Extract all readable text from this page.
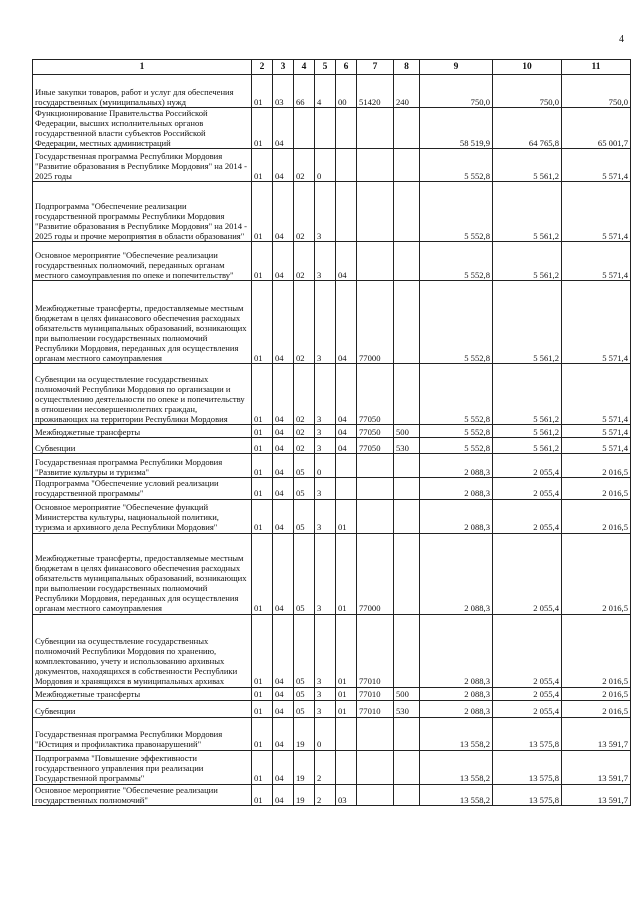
4
1	2	3	4	5	6	7	8	9	10	11
Иные закупки товаров, работ и услуг для обеспечения государственных (муниципальных) нужд	01	03	66	4	00	51420	240	750,0	750,0	750,0
Функционирование Правительства Российской Федерации, высших исполнительных органов государственной власти субъектов Российской Федерации, местных администраций	01	04						58 519,9	64 765,8	65 001,7
Государственная программа Республики Мордовия "Развитие образования в Республике Мордовия" на 2014 - 2025 годы	01	04	02	0				5 552,8	5 561,2	5 571,4
Подпрограмма "Обеспечение реализации государственной программы Республики Мордовия "Развитие образования в Республике Мордовия" на 2014 - 2025 годы и прочие мероприятия в области образования"	01	04	02	3				5 552,8	5 561,2	5 571,4
Основное мероприятие "Обеспечение реализации государственных полномочий, переданных органам местного самоуправления по опеке и попечительству"	01	04	02	3	04			5 552,8	5 561,2	5 571,4
Межбюджетные трансферты, предоставляемые местным бюджетам в целях финансового обеспечения расходных обязательств муниципальных образований, возникающих при выполнении государственных полномочий Республики Мордовия, переданных для осуществления органам местного самоуправления	01	04	02	3	04	77000		5 552,8	5 561,2	5 571,4
Субвенции на осуществление государственных полномочий Республики Мордовия по организации и осуществлению деятельности по опеке и попечительству в отношении несовершеннолетних граждан, проживающих на территории Республики Мордовия	01	04	02	3	04	77050		5 552,8	5 561,2	5 571,4
Межбюджетные трансферты	01	04	02	3	04	77050	500	5 552,8	5 561,2	5 571,4
Субвенции	01	04	02	3	04	77050	530	5 552,8	5 561,2	5 571,4
Государственная программа Республики Мордовия "Развитие культуры и туризма"	01	04	05	0				2 088,3	2 055,4	2 016,5
Подпрограмма "Обеспечение условий реализации государственной программы"	01	04	05	3				2 088,3	2 055,4	2 016,5
Основное мероприятие "Обеспечение функций Министерства культуры, национальной политики, туризма и архивного дела Республики Мордовия"	01	04	05	3	01			2 088,3	2 055,4	2 016,5
Межбюджетные трансферты, предоставляемые местным бюджетам в целях финансового обеспечения расходных обязательств муниципальных образований, возникающих при выполнении государственных полномочий Республики Мордовия, переданных для осуществления органам местного самоуправления	01	04	05	3	01	77000		2 088,3	2 055,4	2 016,5
Субвенции на осуществление государственных полномочий Республики Мордовия по хранению, комплектованию, учету и использованию архивных документов, находящихся в собственности Республики Мордовия и хранящихся в муниципальных архивах	01	04	05	3	01	77010		2 088,3	2 055,4	2 016,5
Межбюджетные трансферты	01	04	05	3	01	77010	500	2 088,3	2 055,4	2 016,5
Субвенции	01	04	05	3	01	77010	530	2 088,3	2 055,4	2 016,5
Государственная программа Республики Мордовия "Юстиция и профилактика правонарушений"	01	04	19	0				13 558,2	13 575,8	13 591,7
Подпрограмма "Повышение эффективности государственного управления при реализации Государственной программы"	01	04	19	2				13 558,2	13 575,8	13 591,7
Основное мероприятие "Обеспечение реализации государственных полномочий"	01	04	19	2	03			13 558,2	13 575,8	13 591,7
